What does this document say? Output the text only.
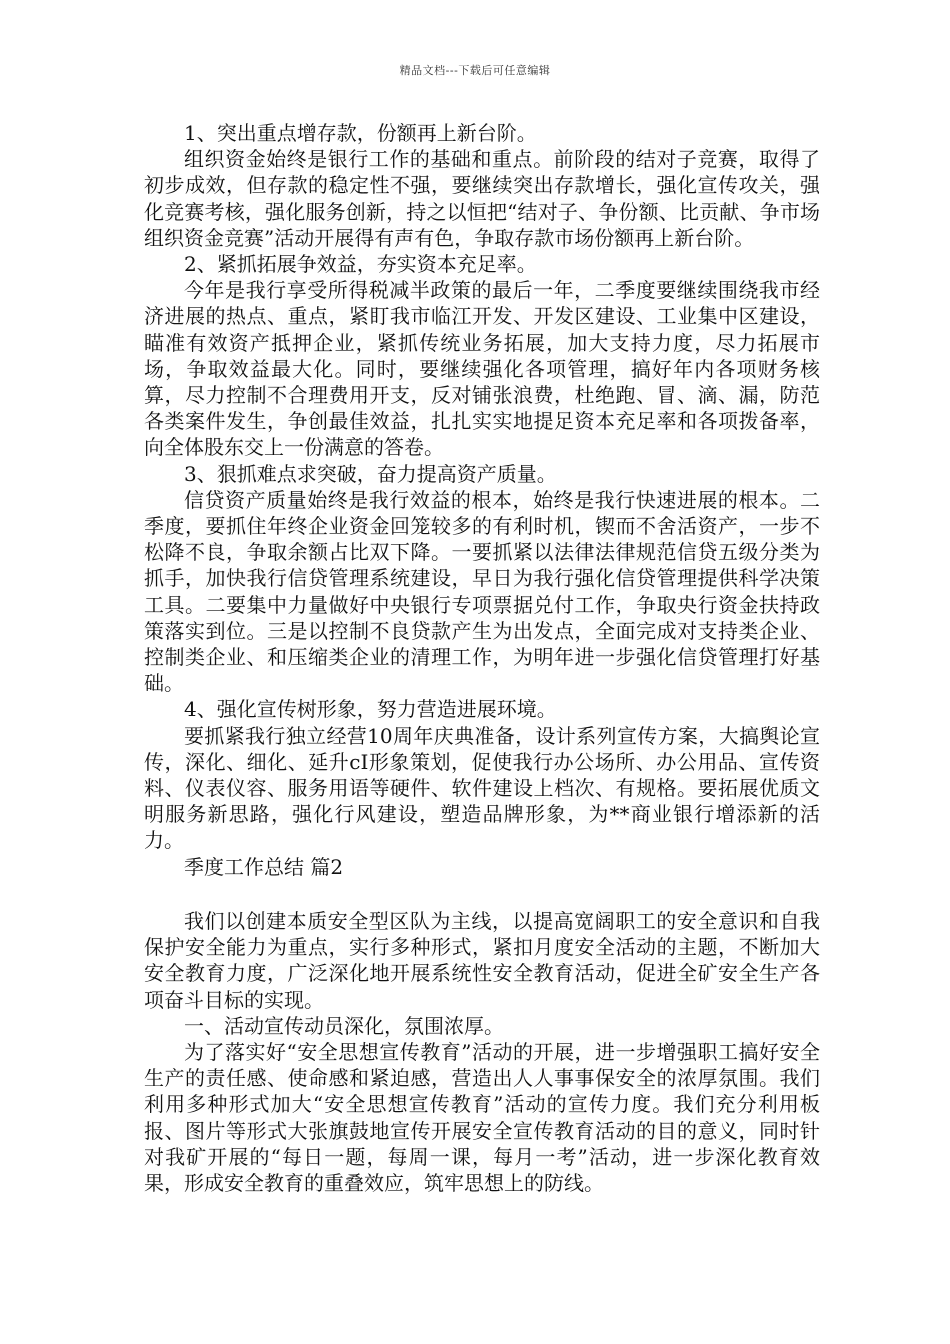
精品文档---下载后可任意编辑

1、突出重点增存款，份额再上新台阶。

组织资金始终是银行工作的基础和重点。前阶段的结对子竞赛，取得了初步成效，但存款的稳定性不强，要继续突出存款增长，强化宣传攻关，强化竞赛考核，强化服务创新，持之以恒把“结对子、争份额、比贡献、争市场组织资金竞赛”活动开展得有声有色，争取存款市场份额再上新台阶。

2、紧抓拓展争效益，夯实资本充足率。

今年是我行享受所得税减半政策的最后一年，二季度要继续围绕我市经济进展的热点、重点，紧盯我市临江开发、开发区建设、工业集中区建设，瞄准有效资产抵押企业，紧抓传统业务拓展，加大支持力度，尽力拓展市场，争取效益最大化。同时，要继续强化各项管理，搞好年内各项财务核算，尽力控制不合理费用开支，反对铺张浪费，杜绝跑、冒、滴、漏，防范各类案件发生，争创最佳效益，扎扎实实地提足资本充足率和各项拨备率，向全体股东交上一份满意的答卷。

3、狠抓难点求突破，奋力提高资产质量。

信贷资产质量始终是我行效益的根本，始终是我行快速进展的根本。二季度，要抓住年终企业资金回笼较多的有利时机，锲而不舍活资产，一步不松降不良，争取余额占比双下降。一要抓紧以法律法律规范信贷五级分类为抓手，加快我行信贷管理系统建设，早日为我行强化信贷管理提供科学决策工具。二要集中力量做好中央银行专项票据兑付工作，争取央行资金扶持政策落实到位。三是以控制不良贷款产生为出发点，全面完成对支持类企业、控制类企业、和压缩类企业的清理工作，为明年进一步强化信贷管理打好基础。

4、强化宣传树形象，努力营造进展环境。

要抓紧我行独立经营10周年庆典准备，设计系列宣传方案，大搞舆论宣传，深化、细化、延升cI形象策划，促使我行办公场所、办公用品、宣传资料、仪表仪容、服务用语等硬件、软件建设上档次、有规格。要拓展优质文明服务新思路，强化行风建设，塑造品牌形象，为**商业银行增添新的活力。

季度工作总结 篇2

我们以创建本质安全型区队为主线，以提高宽阔职工的安全意识和自我保护安全能力为重点，实行多种形式，紧扣月度安全活动的主题，不断加大安全教育力度，广泛深化地开展系统性安全教育活动，促进全矿安全生产各项奋斗目标的实现。

一、活动宣传动员深化，氛围浓厚。

为了落实好“安全思想宣传教育”活动的开展，进一步增强职工搞好安全生产的责任感、使命感和紧迫感，营造出人人事事保安全的浓厚氛围。我们利用多种形式加大“安全思想宣传教育”活动的宣传力度。我们充分利用板报、图片等形式大张旗鼓地宣传开展安全宣传教育活动的目的意义，同时针对我矿开展的“每日一题，每周一课，每月一考”活动，进一步深化教育效果，形成安全教育的重叠效应，筑牢思想上的防线。
